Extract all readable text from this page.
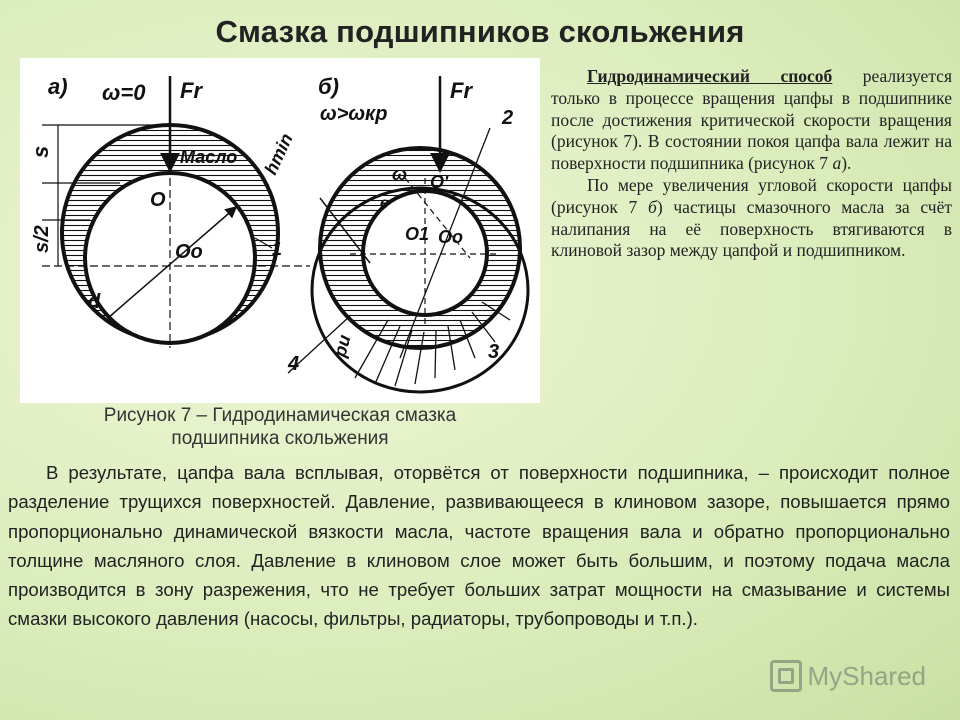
Смазка подшипников скольжения
а) ω=0 Fr
Масло
s
s/2
O
Oo
d
hmin
1
б)
ω>ωкр
Fr
2
ω
e
O'
O1 Oo
3
4
pu
Рисунок 7 – Гидродинамическая смазка
подшипника скольжения

Гидродинамический способ реализуется только в процессе вращения цапфы в подшипнике после достижения критической скорости вращения (рисунок 7). В состоянии покоя цапфа вала лежит на поверхности подшипника (рисунок 7 а).

По мере увеличения угловой скорости цапфы (рисунок 7 б) частицы смазочного масла за счёт налипания на её поверхность втягиваются в клиновой зазор между цапфой и подшипником.

В результате, цапфа вала всплывая, оторвётся от поверхности подшипника, – происходит полное разделение трущихся поверхностей. Давление, развивающееся в клиновом зазоре, повышается прямо пропорционально динамической вязкости масла, частоте вращения вала и обратно пропорционально толщине масляного слоя. Давление в клиновом слое может быть большим, и поэтому подача масла производится в зону разрежения, что не требует больших затрат мощности на смазывание и системы смазки высокого давления (насосы, фильтры, радиаторы, трубопроводы и т.п.).

MyShared
